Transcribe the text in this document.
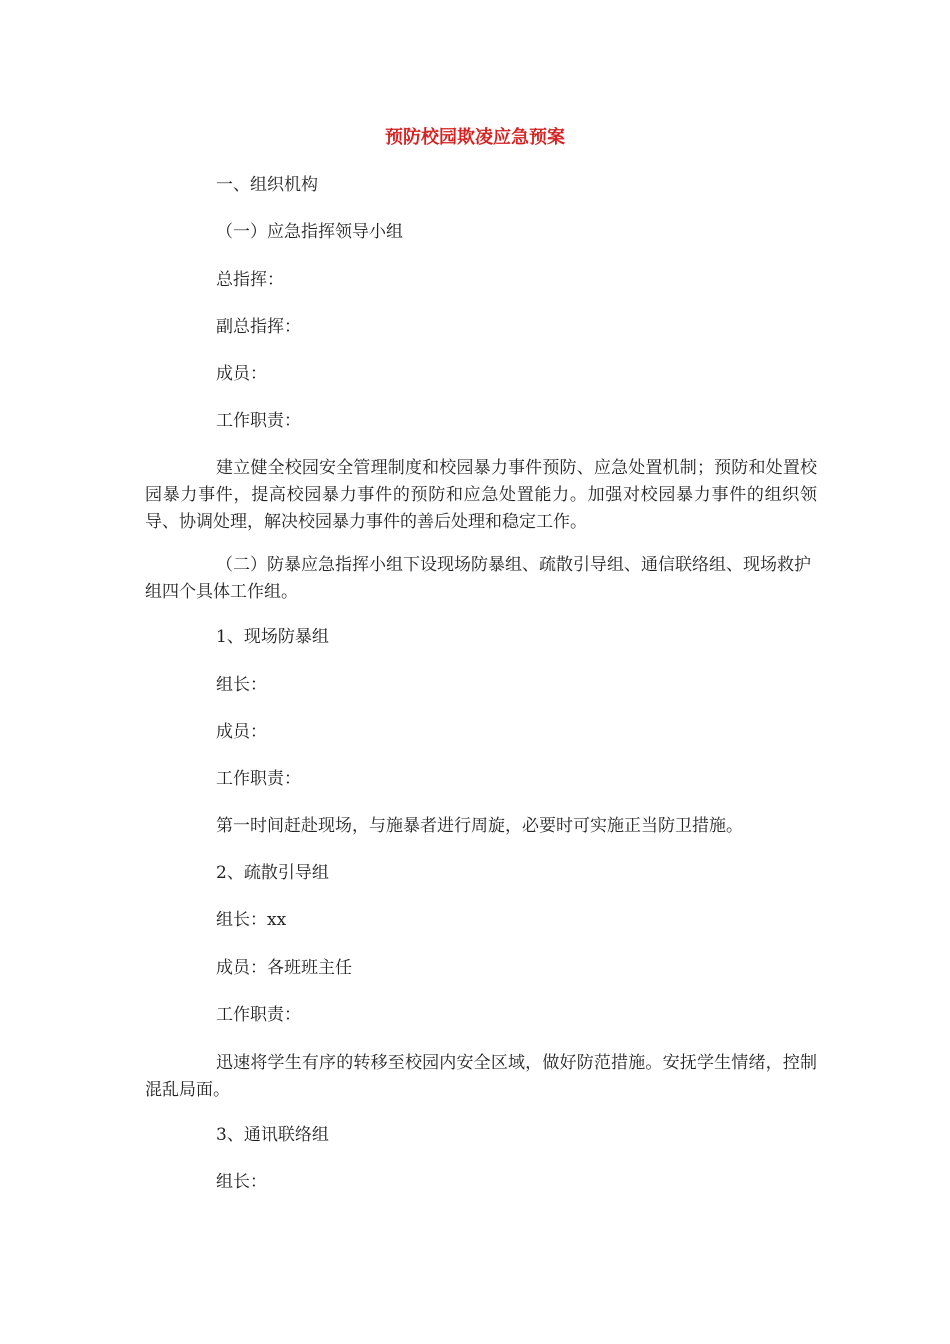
预防校园欺凌应急预案
一、组织机构
（一）应急指挥领导小组
总指挥：
副总指挥：
成员：
工作职责：
建立健全校园安全管理制度和校园暴力事件预防、应急处置机制；预防和处置校园暴力事件，提高校园暴力事件的预防和应急处置能力。加强对校园暴力事件的组织领导、协调处理，解决校园暴力事件的善后处理和稳定工作。
（二）防暴应急指挥小组下设现场防暴组、疏散引导组、通信联络组、现场救护组四个具体工作组。
1、现场防暴组
组长：
成员：
工作职责：
第一时间赶赴现场，与施暴者进行周旋，必要时可实施正当防卫措施。
2、疏散引导组
组长：xx
成员：各班班主任
工作职责：
迅速将学生有序的转移至校园内安全区域，做好防范措施。安抚学生情绪，控制混乱局面。
3、通讯联络组
组长：
